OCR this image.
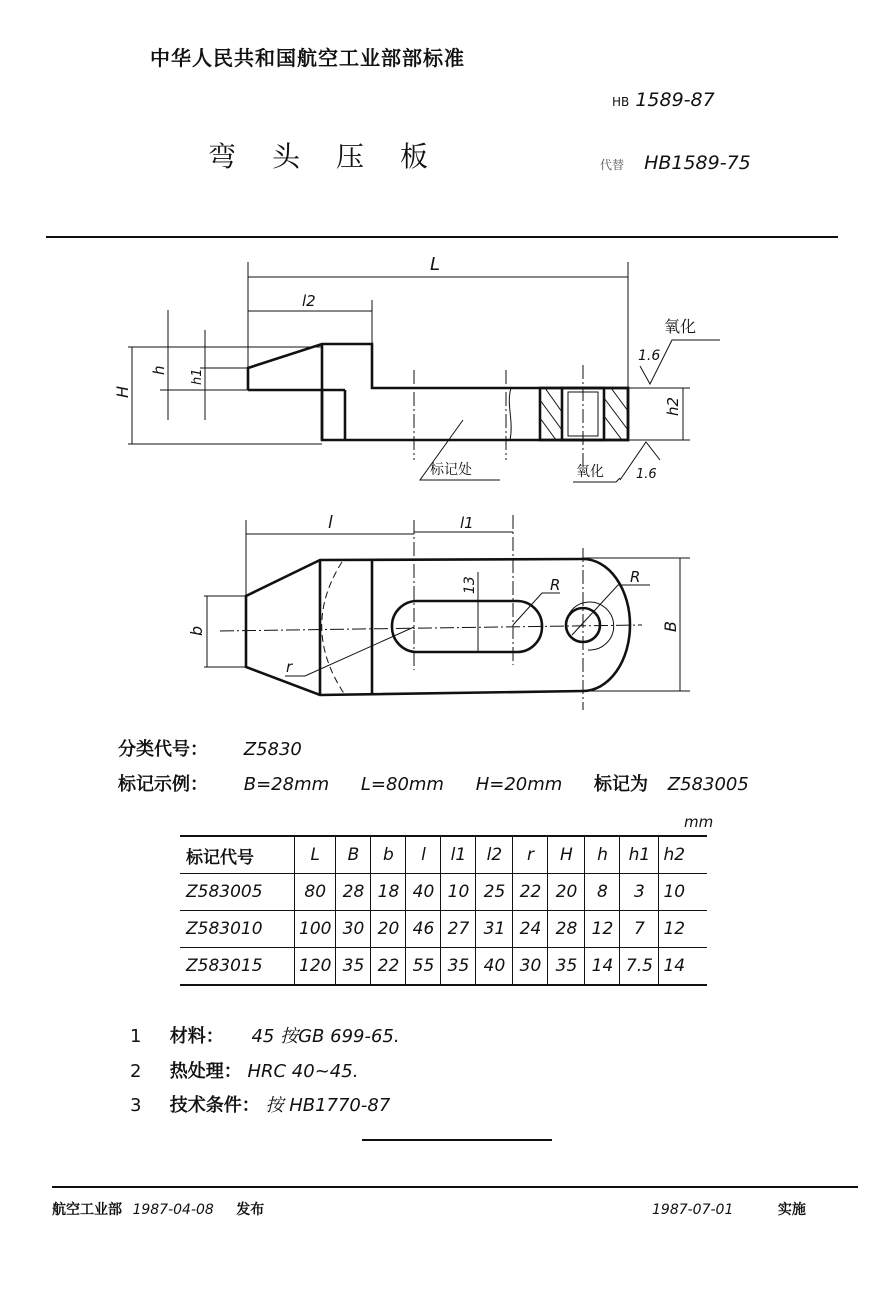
中华人民共和国航空工业部部标准
弯头压板
HB 1589-87
代替 HB1589-75
L
l2
H
h h1
h2
1.6
氧化
标记处	氧化 1.6
l	l1
b	B
13	R	R
r
分类代号： Z5830
标记示例： B=28mm L=80mm H=20mm 标记为 Z583005
mm
标记代号	L	B	b	l	l1	l2	r	H	h	h1	h2
Z583005	80	28	18	40	10	25	22	20	8	3	10
Z583010	100	30	20	46	27	31	24	28	12	7	12
Z583015	120	35	22	55	35	40	30	35	14	7.5	14
1 材料： 45 按GB 699-65.
2 热处理： HRC 40~45.
3 技术条件： 按 HB1770-87
航空工业部 1987-04-08 发布	1987-07-01	实施
